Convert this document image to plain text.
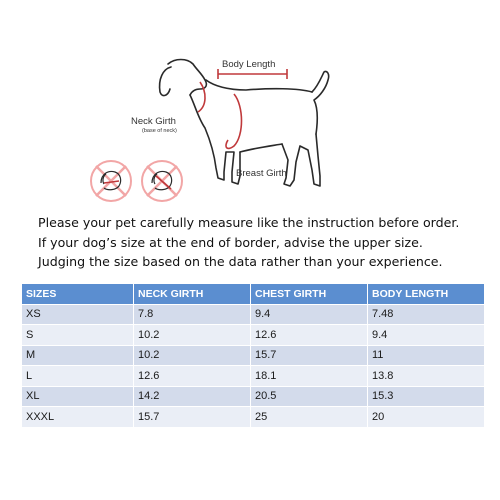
Body Length
Neck Girth
(base of neck)
Breast Girth
Please your pet carefully measure like the instruction before order.
If your dog’s size at the end of border, advise the upper size.
Judging the size based on the data rather than your experience.
SIZES	NECK GIRTH	CHEST GIRTH	BODY LENGTH
XS	7.8	9.4	7.48
S	10.2	12.6	9.4
M	10.2	15.7	11
L	12.6	18.1	13.8
XL	14.2	20.5	15.3
XXXL	15.7	25	20
